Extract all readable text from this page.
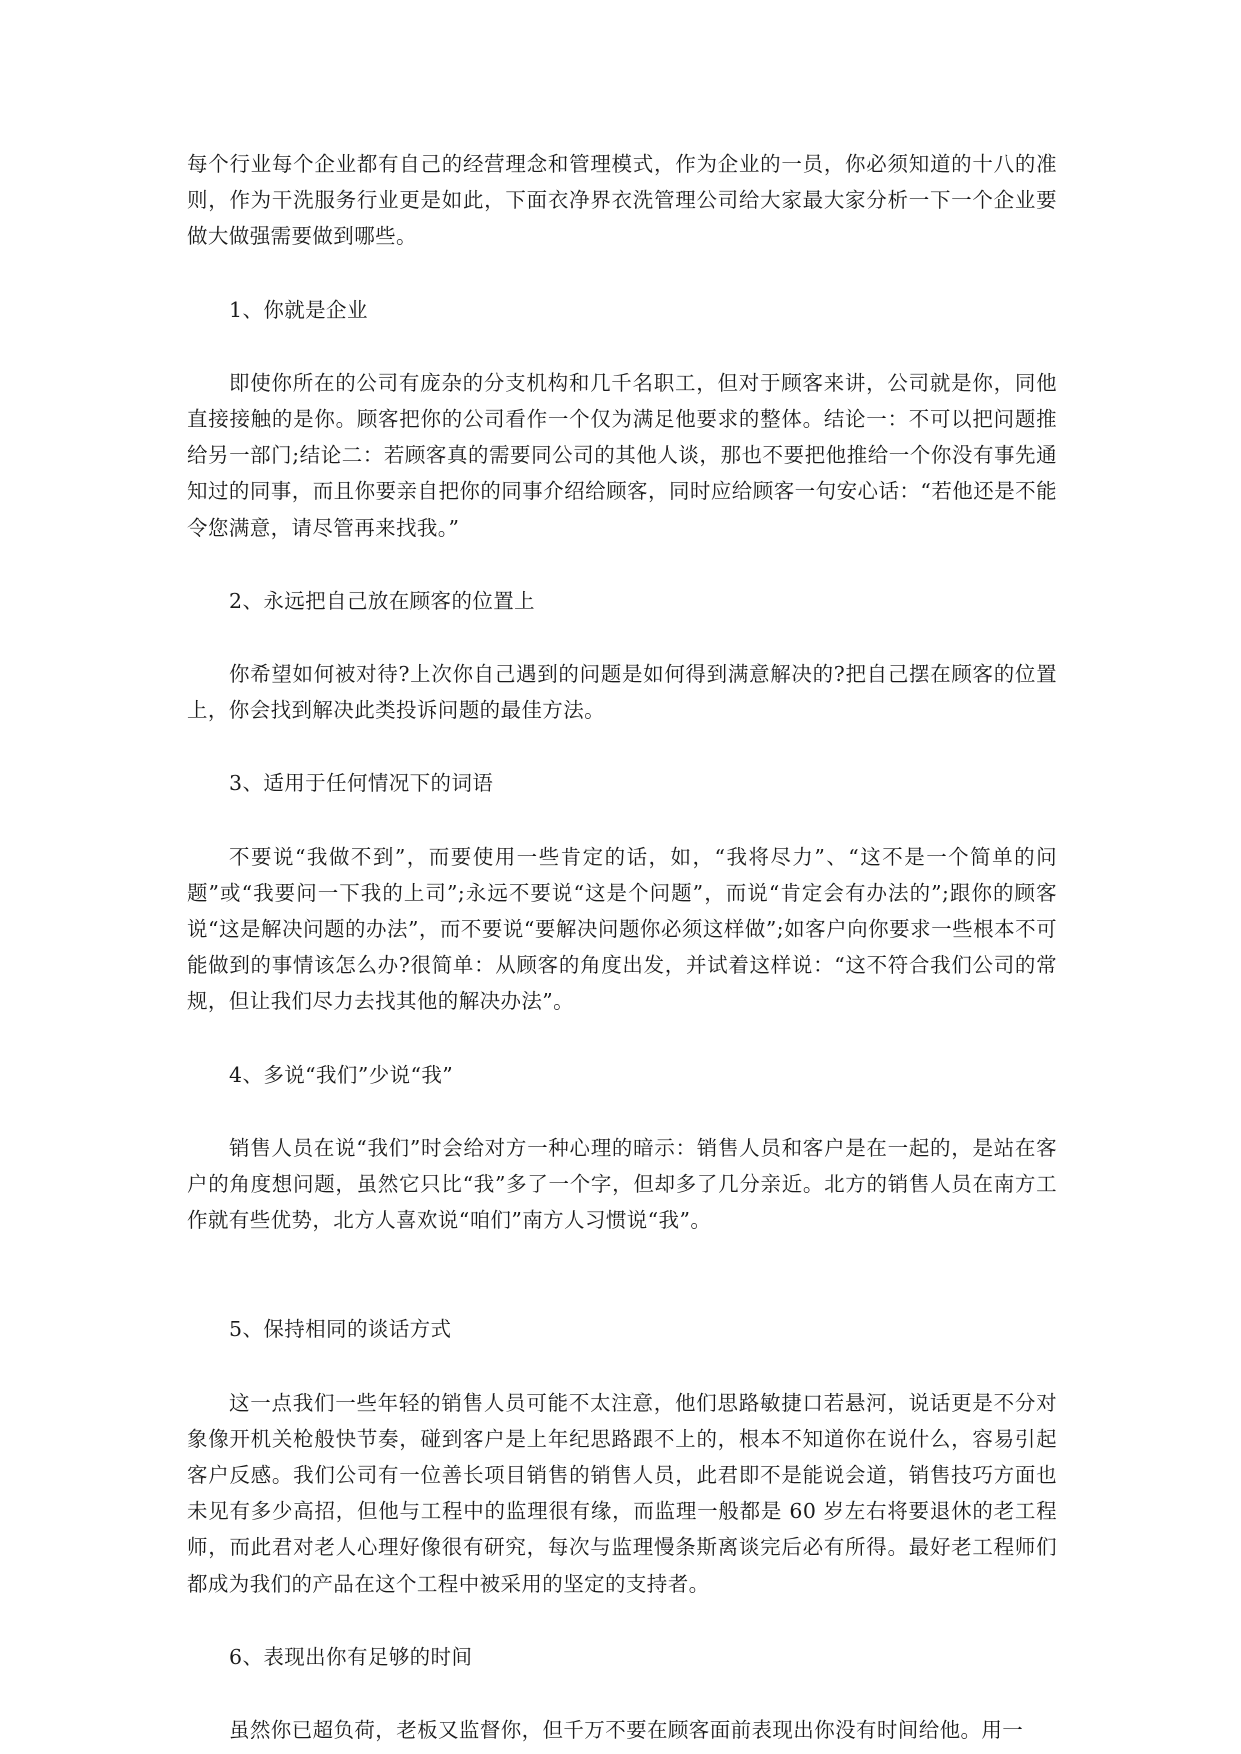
每个行业每个企业都有自己的经营理念和管理模式，作为企业的一员，你必须知道的十八的准则，作为干洗服务行业更是如此，下面衣净界衣洗管理公司给大家最大家分析一下一个企业要做大做强需要做到哪些。

1、你就是企业

即使你所在的公司有庞杂的分支机构和几千名职工，但对于顾客来讲，公司就是你，同他直接接触的是你。顾客把你的公司看作一个仅为满足他要求的整体。结论一：不可以把问题推给另一部门;结论二：若顾客真的需要同公司的其他人谈，那也不要把他推给一个你没有事先通知过的同事，而且你要亲自把你的同事介绍给顾客，同时应给顾客一句安心话：“若他还是不能令您满意，请尽管再来找我。”

2、永远把自己放在顾客的位置上

你希望如何被对待?上次你自己遇到的问题是如何得到满意解决的?把自己摆在顾客的位置上，你会找到解决此类投诉问题的最佳方法。

3、适用于任何情况下的词语

不要说“我做不到”，而要使用一些肯定的话，如，“我将尽力”、“这不是一个简单的问题”或“我要问一下我的上司”;永远不要说“这是个问题”，而说“肯定会有办法的”;跟你的顾客说“这是解决问题的办法”，而不要说“要解决问题你必须这样做”;如客户向你要求一些根本不可能做到的事情该怎么办?很简单：从顾客的角度出发，并试着这样说：“这不符合我们公司的常规，但让我们尽力去找其他的解决办法”。

4、多说“我们”少说“我”

销售人员在说“我们”时会给对方一种心理的暗示：销售人员和客户是在一起的，是站在客户的角度想问题，虽然它只比“我”多了一个字，但却多了几分亲近。北方的销售人员在南方工作就有些优势，北方人喜欢说“咱们”南方人习惯说“我”。

5、保持相同的谈话方式

这一点我们一些年轻的销售人员可能不太注意，他们思路敏捷口若悬河，说话更是不分对象像开机关枪般快节奏，碰到客户是上年纪思路跟不上的，根本不知道你在说什么，容易引起客户反感。我们公司有一位善长项目销售的销售人员，此君即不是能说会道，销售技巧方面也未见有多少高招，但他与工程中的监理很有缘，而监理一般都是 60 岁左右将要退休的老工程师，而此君对老人心理好像很有研究，每次与监理慢条斯离谈完后必有所得。最好老工程师们都成为我们的产品在这个工程中被采用的坚定的支持者。

6、表现出你有足够的时间

虽然你已超负荷，老板又监督你，但千万不要在顾客面前表现出你没有时间给他。用一
